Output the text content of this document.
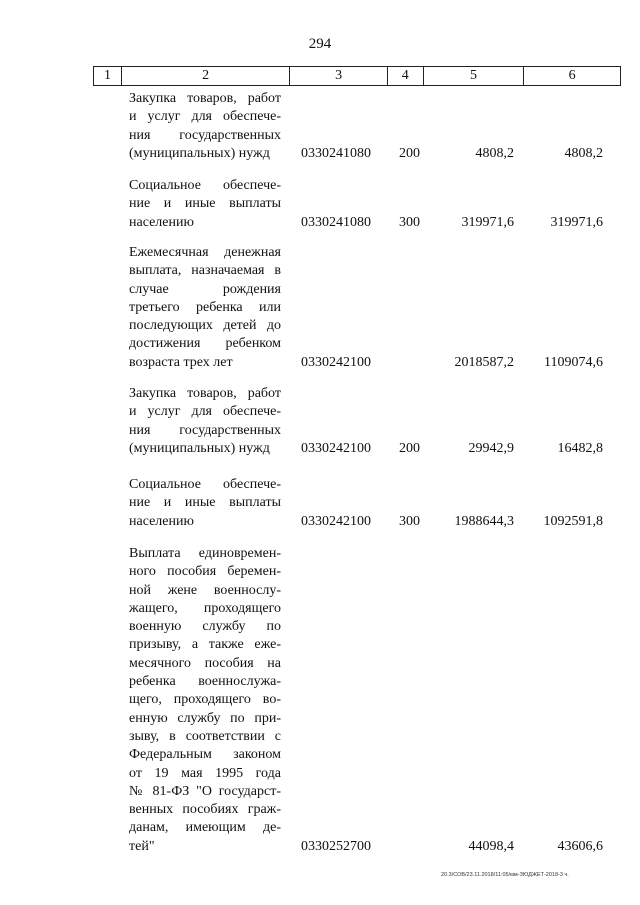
294
1	2	3	4	5	6
Закупка товаров, работ
и услуг для обеспече-
ния государственных
(муниципальных) нужд	0330241080 200	4808,2	4808,2
Социальное обеспече-
ние и иные выплаты
населению	0330241080 300	319971,6	319971,6
Ежемесячная денежная
выплата, назначаемая в
случае рождения
третьего ребенка или
последующих детей до
достижения ребенком
возраста трех лет	0330242100	2018587,2 1109074,6
Закупка товаров, работ
и услуг для обеспече-
ния государственных
(муниципальных) нужд	0330242100 200	29942,9	16482,8
Социальное обеспече-
ние и иные выплаты
населению	0330242100 300 1988644,3 1092591,8
Выплата единовремен-
ного пособия беремен-
ной жене военнослу-
жащего, проходящего
военную службу по
призыву, а также еже-
месячного пособия на
ребенка военнослужа-
щего, проходящего во-
енную службу по при-
зыву, в соответствии с
Федеральным законом
от 19 мая 1995 года
№ 81-ФЗ "О государст-
венных пособиях граж-
данам, имеющим де-
тей"	0330252700	44098,4	43606,6
20.3/СОВ/23.11.2018/11:05/мм-ЗЮДЖЕТ-2018-3 ч.
